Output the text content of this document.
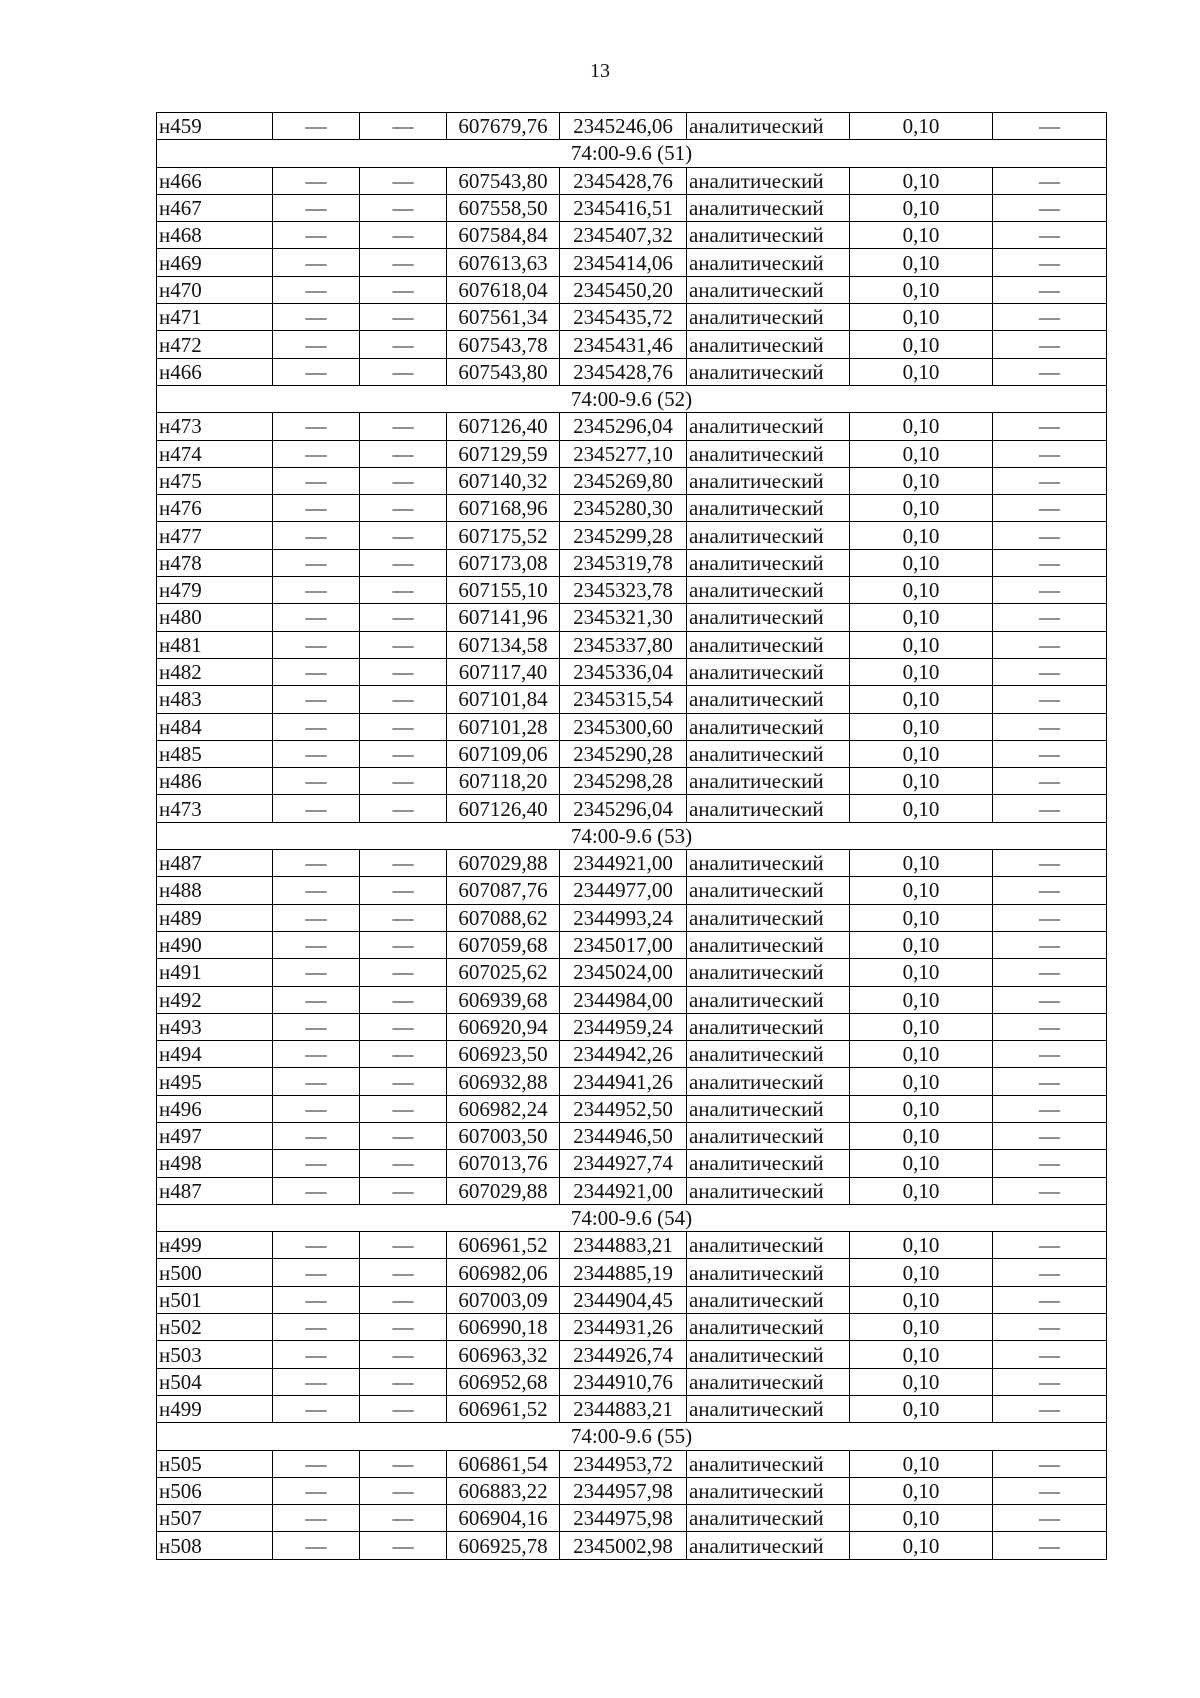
13
н459	—	—	607679,76	2345246,06	аналитический	0,10	—
74:00-9.6 (51)							
н466	—	—	607543,80	2345428,76	аналитический	0,10	—
н467	—	—	607558,50	2345416,51	аналитический	0,10	—
н468	—	—	607584,84	2345407,32	аналитический	0,10	—
н469	—	—	607613,63	2345414,06	аналитический	0,10	—
н470	—	—	607618,04	2345450,20	аналитический	0,10	—
н471	—	—	607561,34	2345435,72	аналитический	0,10	—
н472	—	—	607543,78	2345431,46	аналитический	0,10	—
н466	—	—	607543,80	2345428,76	аналитический	0,10	—
74:00-9.6 (52)							
н473	—	—	607126,40	2345296,04	аналитический	0,10	—
н474	—	—	607129,59	2345277,10	аналитический	0,10	—
н475	—	—	607140,32	2345269,80	аналитический	0,10	—
н476	—	—	607168,96	2345280,30	аналитический	0,10	—
н477	—	—	607175,52	2345299,28	аналитический	0,10	—
н478	—	—	607173,08	2345319,78	аналитический	0,10	—
н479	—	—	607155,10	2345323,78	аналитический	0,10	—
н480	—	—	607141,96	2345321,30	аналитический	0,10	—
н481	—	—	607134,58	2345337,80	аналитический	0,10	—
н482	—	—	607117,40	2345336,04	аналитический	0,10	—
н483	—	—	607101,84	2345315,54	аналитический	0,10	—
н484	—	—	607101,28	2345300,60	аналитический	0,10	—
н485	—	—	607109,06	2345290,28	аналитический	0,10	—
н486	—	—	607118,20	2345298,28	аналитический	0,10	—
н473	—	—	607126,40	2345296,04	аналитический	0,10	—
74:00-9.6 (53)							
н487	—	—	607029,88	2344921,00	аналитический	0,10	—
н488	—	—	607087,76	2344977,00	аналитический	0,10	—
н489	—	—	607088,62	2344993,24	аналитический	0,10	—
н490	—	—	607059,68	2345017,00	аналитический	0,10	—
н491	—	—	607025,62	2345024,00	аналитический	0,10	—
н492	—	—	606939,68	2344984,00	аналитический	0,10	—
н493	—	—	606920,94	2344959,24	аналитический	0,10	—
н494	—	—	606923,50	2344942,26	аналитический	0,10	—
н495	—	—	606932,88	2344941,26	аналитический	0,10	—
н496	—	—	606982,24	2344952,50	аналитический	0,10	—
н497	—	—	607003,50	2344946,50	аналитический	0,10	—
н498	—	—	607013,76	2344927,74	аналитический	0,10	—
н487	—	—	607029,88	2344921,00	аналитический	0,10	—
74:00-9.6 (54)							
н499	—	—	606961,52	2344883,21	аналитический	0,10	—
н500	—	—	606982,06	2344885,19	аналитический	0,10	—
н501	—	—	607003,09	2344904,45	аналитический	0,10	—
н502	—	—	606990,18	2344931,26	аналитический	0,10	—
н503	—	—	606963,32	2344926,74	аналитический	0,10	—
н504	—	—	606952,68	2344910,76	аналитический	0,10	—
н499	—	—	606961,52	2344883,21	аналитический	0,10	—
74:00-9.6 (55)							
н505	—	—	606861,54	2344953,72	аналитический	0,10	—
н506	—	—	606883,22	2344957,98	аналитический	0,10	—
н507	—	—	606904,16	2344975,98	аналитический	0,10	—
н508	—	—	606925,78	2345002,98	аналитический	0,10	—
